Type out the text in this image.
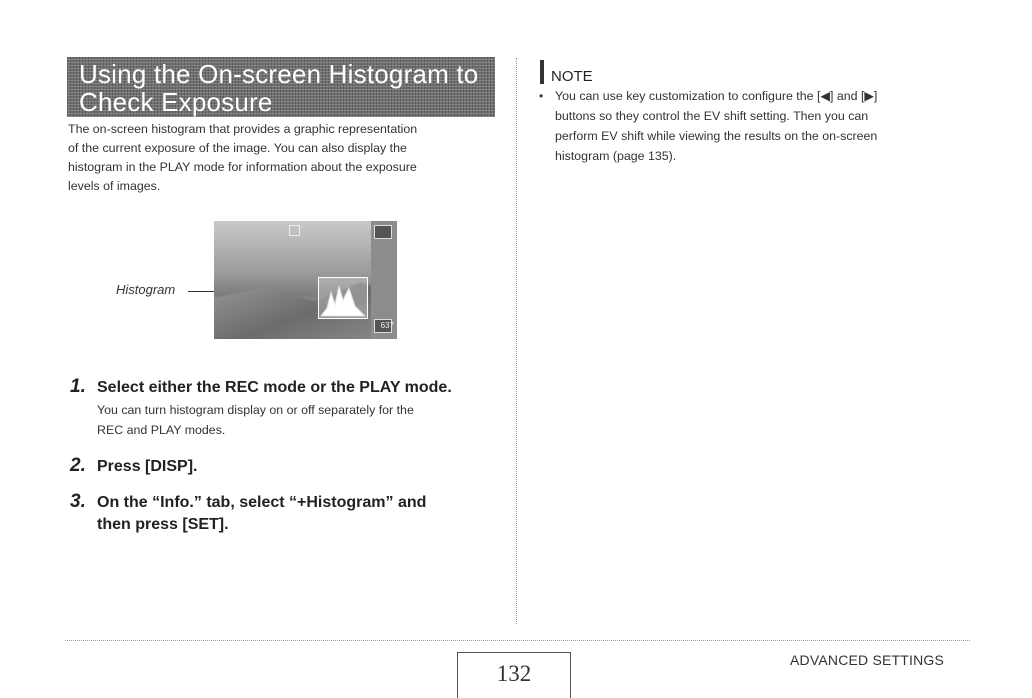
Using the On-screen Histogram to
Check Exposure
The on-screen histogram that provides a graphic representation
of the current exposure of the image. You can also display the
histogram in the PLAY mode for information about the exposure
levels of images.
Histogram
637
1. Select either the REC mode or the PLAY mode.
You can turn histogram display on or off separately for the
REC and PLAY modes.
2. Press [DISP].
3. On the “Info.” tab, select “+Histogram” and
then press [SET].
NOTE
• You can use key customization to configure the [◀] and [▶]
buttons so they control the EV shift setting. Then you can
perform EV shift while viewing the results on the on-screen
histogram (page 135).
132
ADVANCED SETTINGS
